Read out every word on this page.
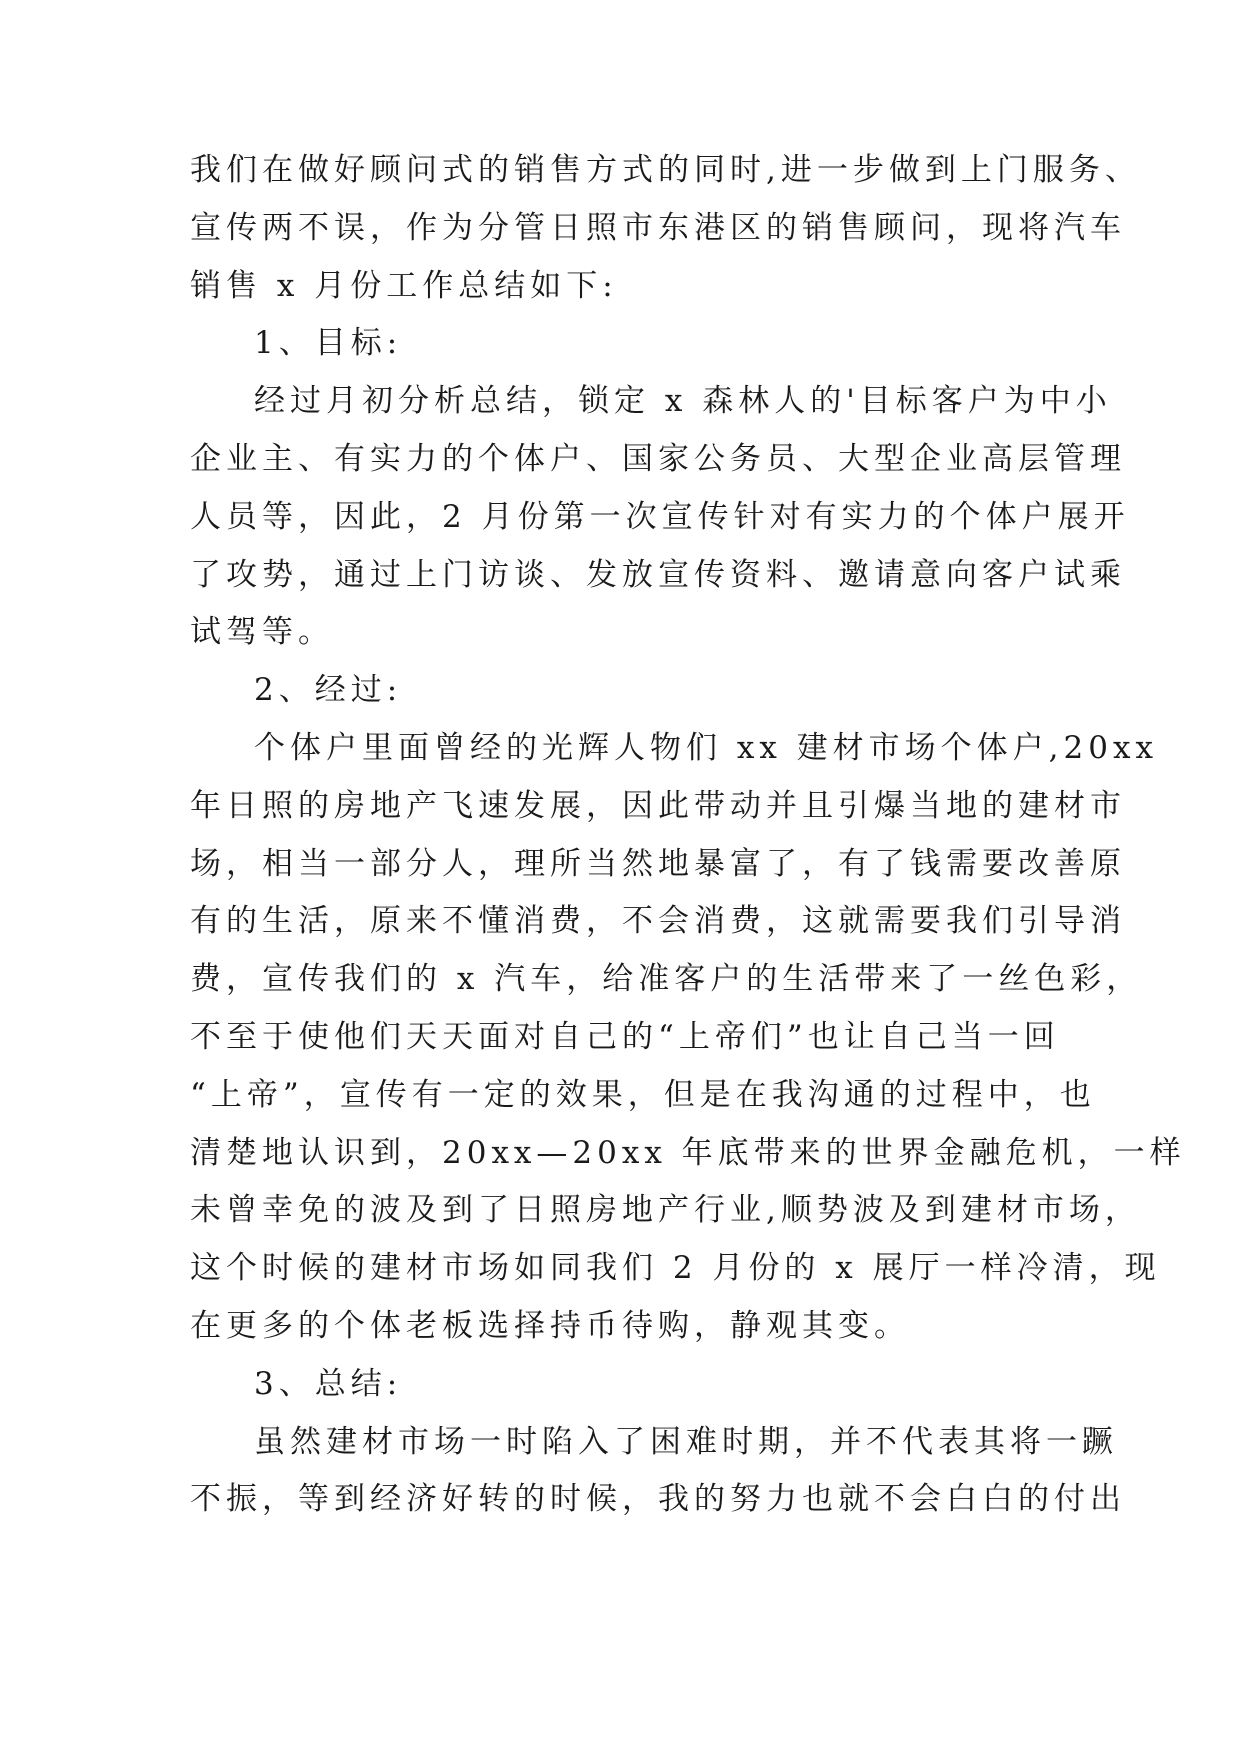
我们在做好顾问式的销售方式的同时,进一步做到上门服务、
宣传两不误，作为分管日照市东港区的销售顾问，现将汽车
销售 x 月份工作总结如下:
1、目标:
经过月初分析总结，锁定 x 森林人的'目标客户为中小
企业主、有实力的个体户、国家公务员、大型企业高层管理
人员等，因此，2 月份第一次宣传针对有实力的个体户展开
了攻势，通过上门访谈、发放宣传资料、邀请意向客户试乘
试驾等。
2、经过:
个体户里面曾经的光辉人物们 xx 建材市场个体户,20xx
年日照的房地产飞速发展，因此带动并且引爆当地的建材市
场，相当一部分人，理所当然地暴富了，有了钱需要改善原
有的生活，原来不懂消费，不会消费，这就需要我们引导消
费，宣传我们的 x 汽车，给准客户的生活带来了一丝色彩，
不至于使他们天天面对自己的“上帝们”也让自己当一回
“上帝”，宣传有一定的效果，但是在我沟通的过程中，也
清楚地认识到，20xx—20xx 年底带来的世界金融危机，一样
未曾幸免的波及到了日照房地产行业,顺势波及到建材市场，
这个时候的建材市场如同我们 2 月份的 x 展厅一样冷清，现
在更多的个体老板选择持币待购，静观其变。
3、总结:
虽然建材市场一时陷入了困难时期，并不代表其将一蹶
不振，等到经济好转的时候，我的努力也就不会白白的付出
